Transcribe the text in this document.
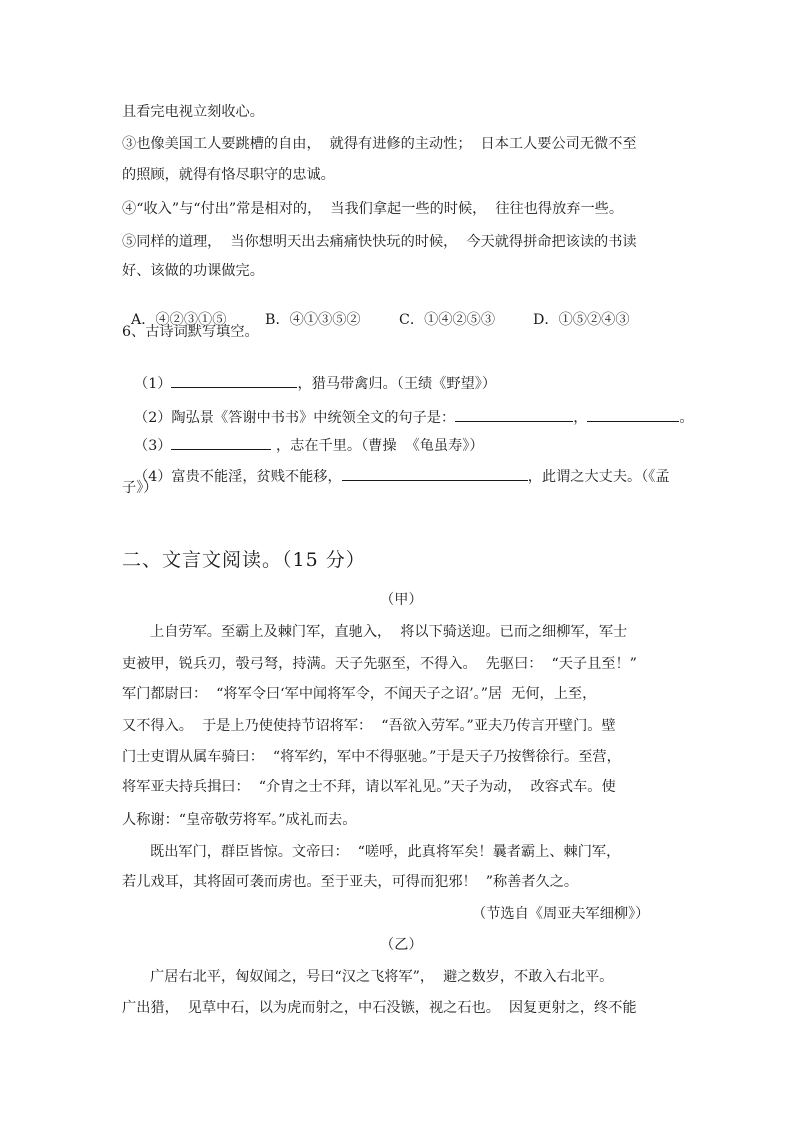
且看完电视立刻收心。
③也像美国工人要跳槽的自由，  就得有进修的主动性；  日本工人要公司无微不至
的照顾，就得有恪尽职守的忠诚。
④“收入”与“付出”常是相对的，  当我们拿起一些的时候，  往往也得放弃一些。
⑤同样的道理，  当你想明天出去痛痛快快玩的时候，  今天就得拼命把该读的书读
好、该做的功课做完。

A．④②③①⑤	B．④①③⑤②	C．①④②⑤③	D．①⑤②④③

6、古诗词默写填空。

（1）	，猎马带禽归。（王绩《野望》）

（2）陶弘景《答谢中书书》中统领全文的句子是：	，	。

（3）	，志在千里。（曹操  《龟虽寿》）

（4）富贵不能淫，贫贱不能移，	，此谓之大丈夫。（《孟

子》）
二、文言文阅读。（15 分）
（甲）
上自劳军。至霸上及棘门军，直驰入，  将以下骑送迎。已而之细柳军，军士
吏被甲，锐兵刃，彀弓弩，持满。天子先驱至，不得入。  先驱曰：  “天子且至！”
军门都尉曰：  “将军令曰‘军中闻将军令，不闻天子之诏’。”居  无何，上至，
又不得入。  于是上乃使使持节诏将军：  “吾欲入劳军。”亚夫乃传言开壁门。壁
门士吏谓从属车骑曰：  “将军约，军中不得驱驰。”于是天子乃按辔徐行。至营，
将军亚夫持兵揖曰：  “介胄之士不拜，请以军礼见。”天子为动，  改容式车。使
人称谢：“皇帝敬劳将军。”成礼而去。
既出军门，群臣皆惊。文帝曰：  “嗟呼，此真将军矣！曩者霸上、棘门军，
若儿戏耳，其将固可袭而虏也。至于亚夫，可得而犯邪！  ”称善者久之。
（节选自《周亚夫军细柳》）
（乙）
广居右北平，匈奴闻之，号曰“汉之飞将军”，  避之数岁，不敢入右北平。
广出猎，  见草中石，以为虎而射之，中石没镞，视之石也。  因复更射之，终不能
